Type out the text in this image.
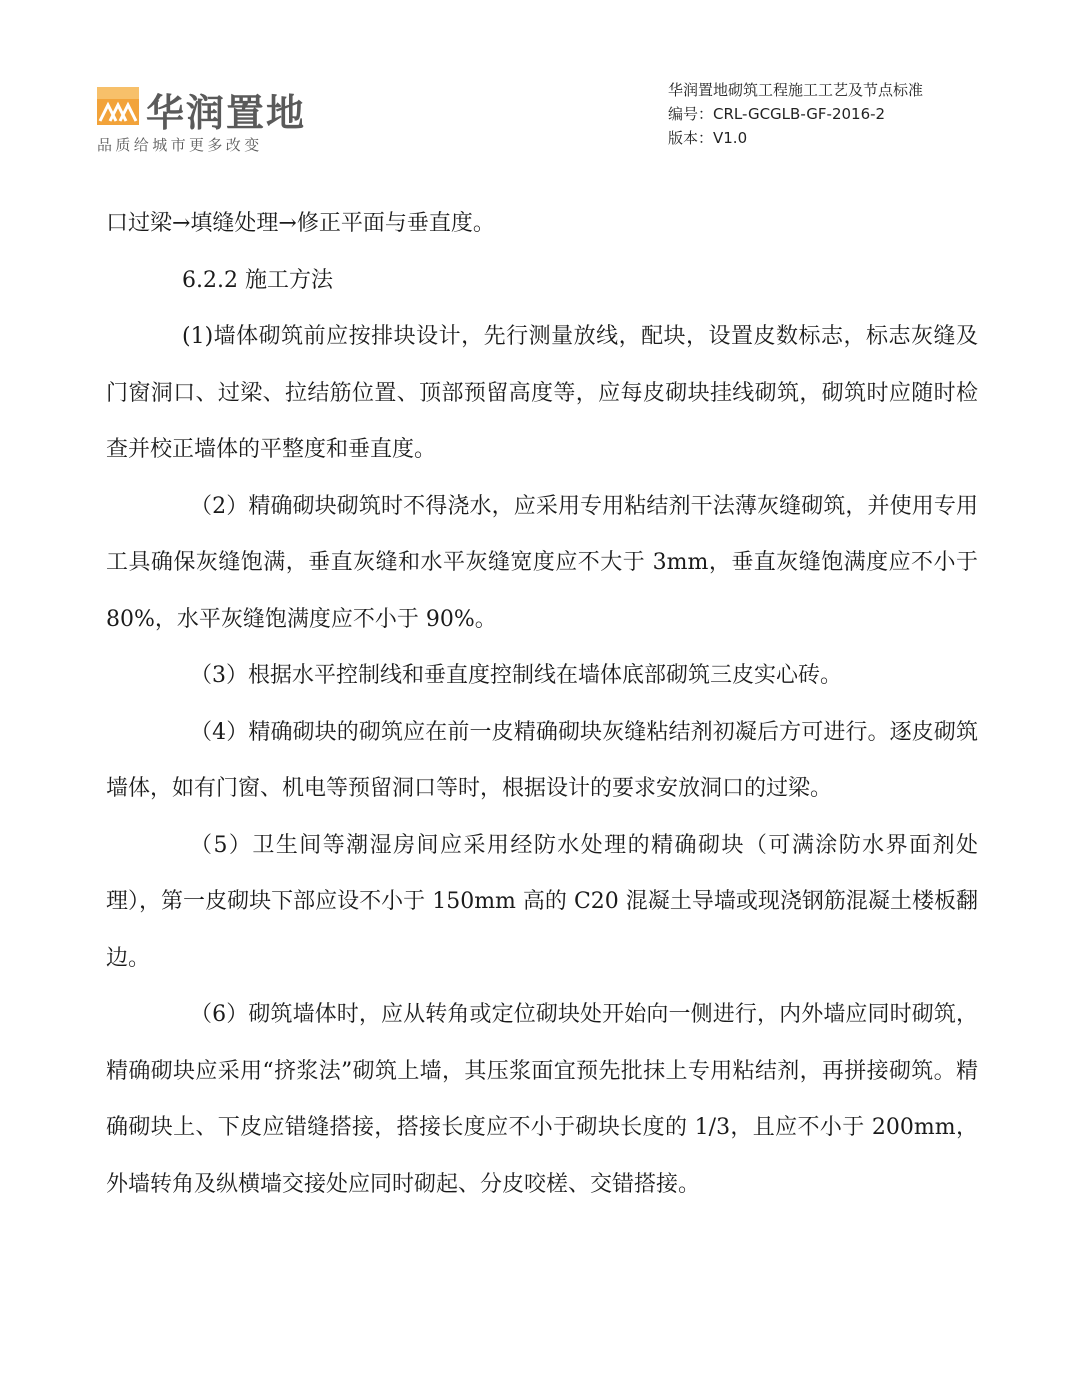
华润置地
品质给城市更多改变
华润置地砌筑工程施工工艺及节点标准
编号：CRL-GCGLB-GF-2016-2
版本：V1.0

口过梁→填缝处理→修正平面与垂直度。

6.2.2 施工方法

(1)墙体砌筑前应按排块设计，先行测量放线，配块，设置皮数标志，标志灰缝及门窗洞口、过梁、拉结筋位置、顶部预留高度等，应每皮砌块挂线砌筑，砌筑时应随时检查并校正墙体的平整度和垂直度。

（2）精确砌块砌筑时不得浇水，应采用专用粘结剂干法薄灰缝砌筑，并使用专用工具确保灰缝饱满，垂直灰缝和水平灰缝宽度应不大于 3mm，垂直灰缝饱满度应不小于 80%，水平灰缝饱满度应不小于 90%。

（3）根据水平控制线和垂直度控制线在墙体底部砌筑三皮实心砖。

（4）精确砌块的砌筑应在前一皮精确砌块灰缝粘结剂初凝后方可进行。逐皮砌筑墙体，如有门窗、机电等预留洞口等时，根据设计的要求安放洞口的过梁。

（5）卫生间等潮湿房间应采用经防水处理的精确砌块（可满涂防水界面剂处理），第一皮砌块下部应设不小于 150mm 高的 C20 混凝土导墙或现浇钢筋混凝土楼板翻边。

（6）砌筑墙体时，应从转角或定位砌块处开始向一侧进行，内外墙应同时砌筑，精确砌块应采用“挤浆法”砌筑上墙，其压浆面宜预先批抹上专用粘结剂，再拼接砌筑。精确砌块上、下皮应错缝搭接，搭接长度应不小于砌块长度的 1/3，且应不小于 200mm，外墙转角及纵横墙交接处应同时砌起、分皮咬槎、交错搭接。
